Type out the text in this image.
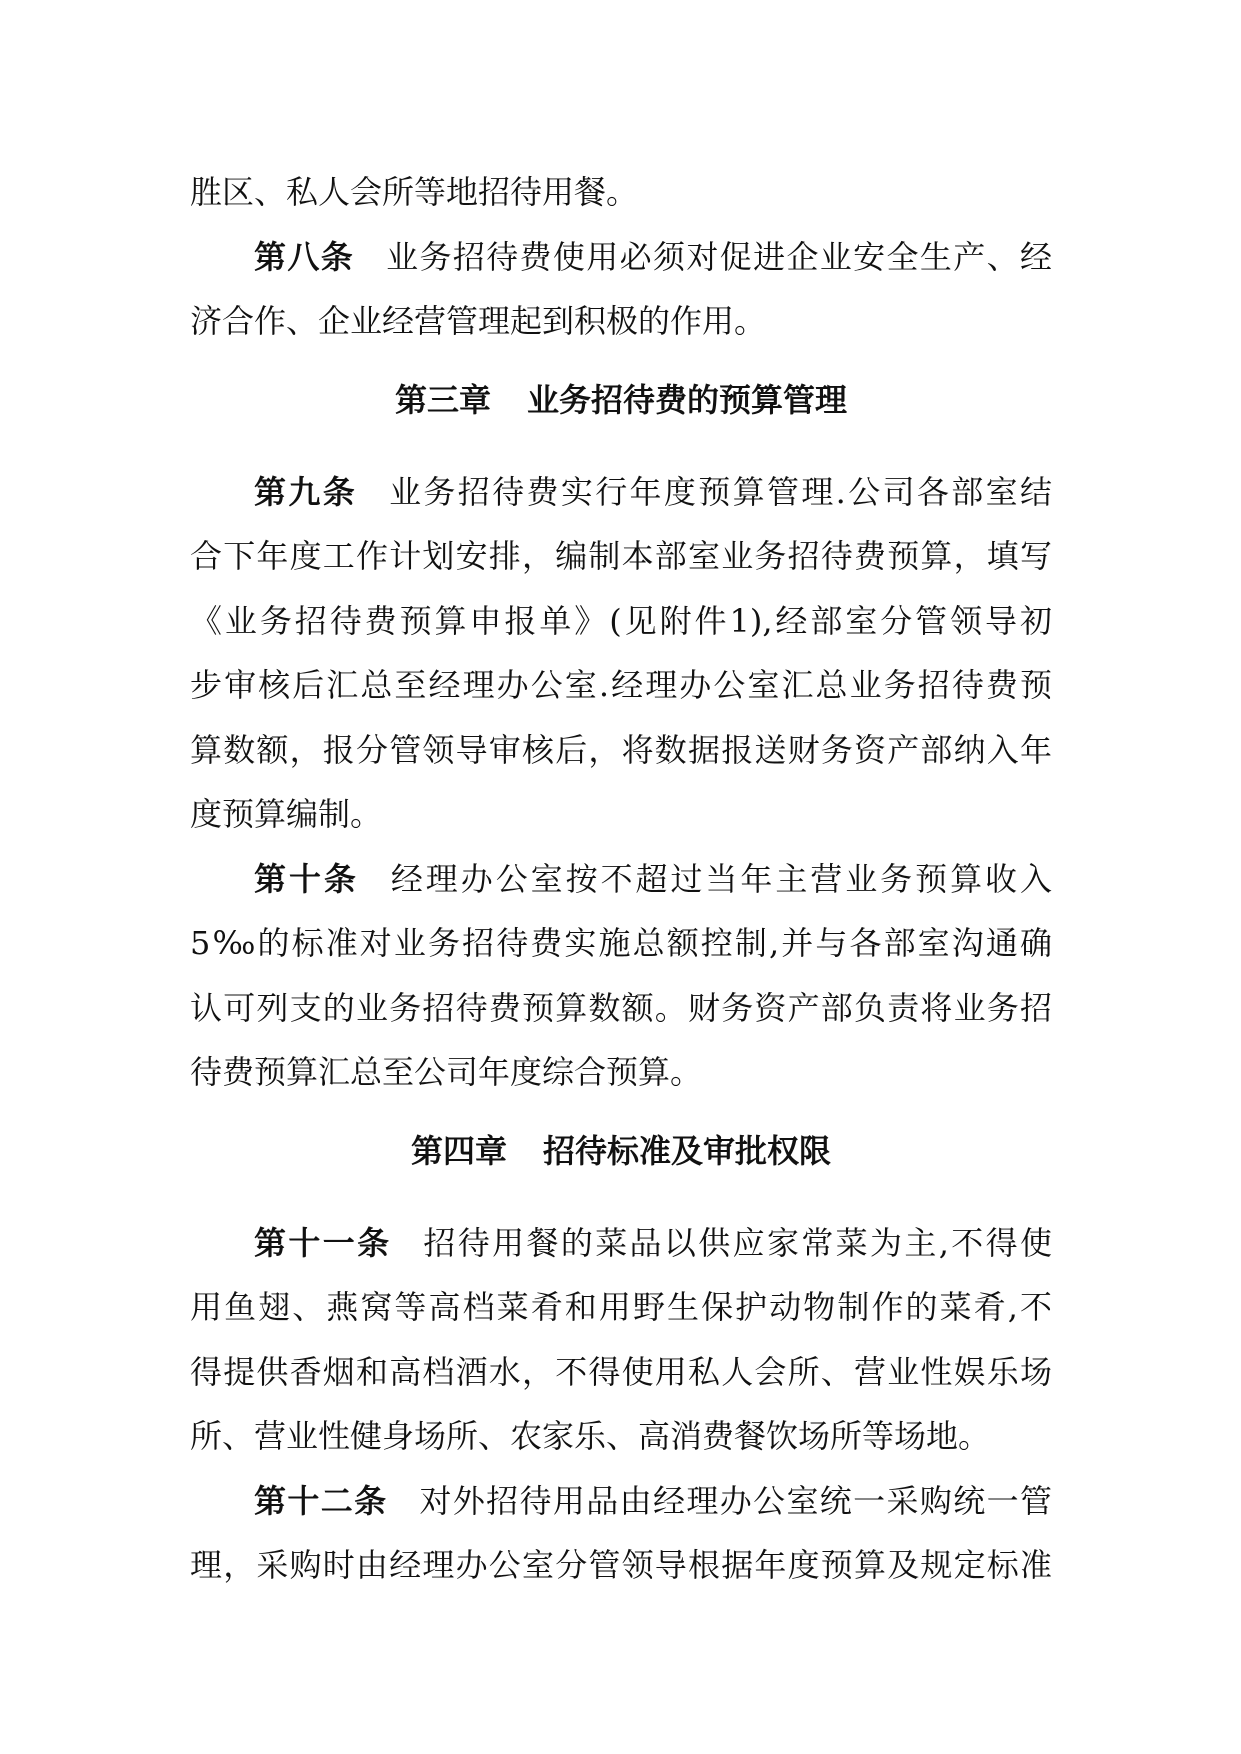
胜区、私人会所等地招待用餐。
第八条 业务招待费使用必须对促进企业安全生产、经
济合作、企业经营管理起到积极的作用。
第三章 业务招待费的预算管理
第九条 业务招待费实行年度预算管理.公司各部室结
合下年度工作计划安排，编制本部室业务招待费预算，填写
《业务招待费预算申报单》(见附件1),经部室分管领导初
步审核后汇总至经理办公室.经理办公室汇总业务招待费预
算数额，报分管领导审核后，将数据报送财务资产部纳入年
度预算编制。
第十条 经理办公室按不超过当年主营业务预算收入
5‰的标准对业务招待费实施总额控制,并与各部室沟通确
认可列支的业务招待费预算数额。财务资产部负责将业务招
待费预算汇总至公司年度综合预算。
第四章 招待标准及审批权限
第十一条 招待用餐的菜品以供应家常菜为主,不得使
用鱼翅、燕窝等高档菜肴和用野生保护动物制作的菜肴,不
得提供香烟和高档酒水，不得使用私人会所、营业性娱乐场
所、营业性健身场所、农家乐、高消费餐饮场所等场地。
第十二条 对外招待用品由经理办公室统一采购统一管
理，采购时由经理办公室分管领导根据年度预算及规定标准
